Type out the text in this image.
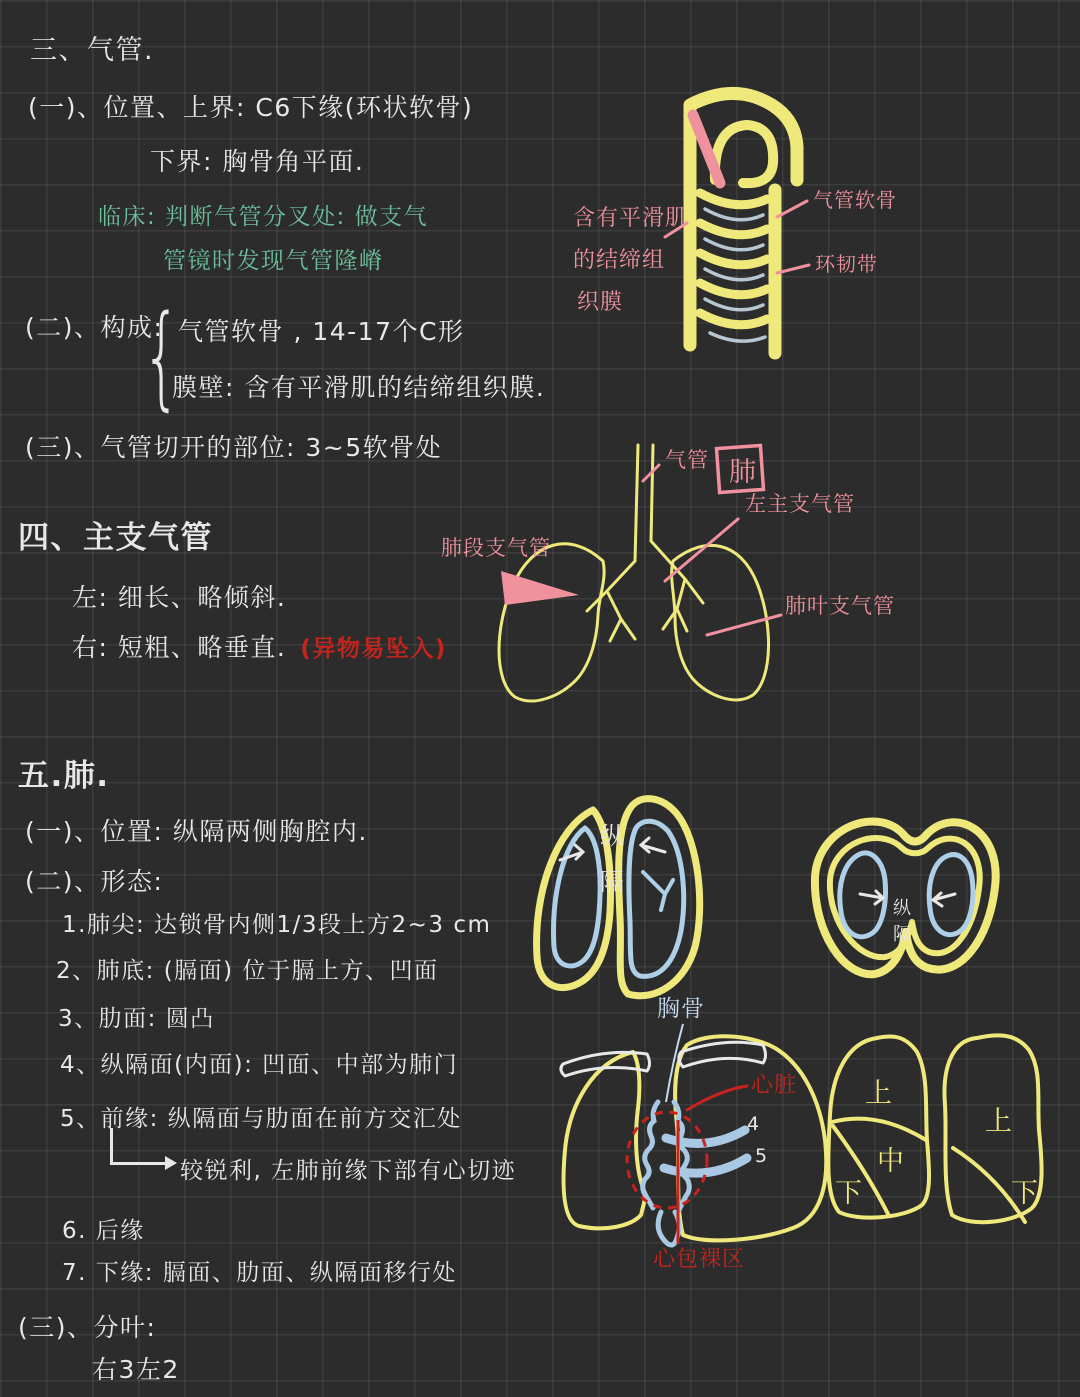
三、气管.
(一)、位置、上界: C6下缘(环状软骨)
下界: 胸骨角平面.
临床: 判断气管分叉处: 做支气
管镜时发现气管隆嵴
(二)、构成:
{
气管软骨 , 14-17个C形
膜壁: 含有平滑肌的结缔组织膜.
(三)、气管切开的部位: 3~5软骨处
含有平滑肌
的结缔组
织膜
气管软骨
环韧带
四、主支气管
左: 细长、略倾斜.
右: 短粗、略垂直. (异物易坠入)
气管 肺
左主支气管
肺段支气管
肺叶支气管
五.肺.
(一)、位置: 纵隔两侧胸腔内.
(二)、形态:
1.肺尖: 达锁骨内侧1/3段上方2~3 cm
2、肺底: (膈面) 位于膈上方、凹面
3、肋面: 圆凸
4、纵隔面(内面): 凹面、中部为肺门
5、前缘: 纵隔面与肋面在前方交汇处
较锐利, 左肺前缘下部有心切迹
6. 后缘
7. 下缘: 膈面、肋面、纵隔面移行处
(三)、分叶:
右3左2
纵
隔
纵
隔
胸骨
4
5
心脏
心包裸区
上
中
下
上
下
